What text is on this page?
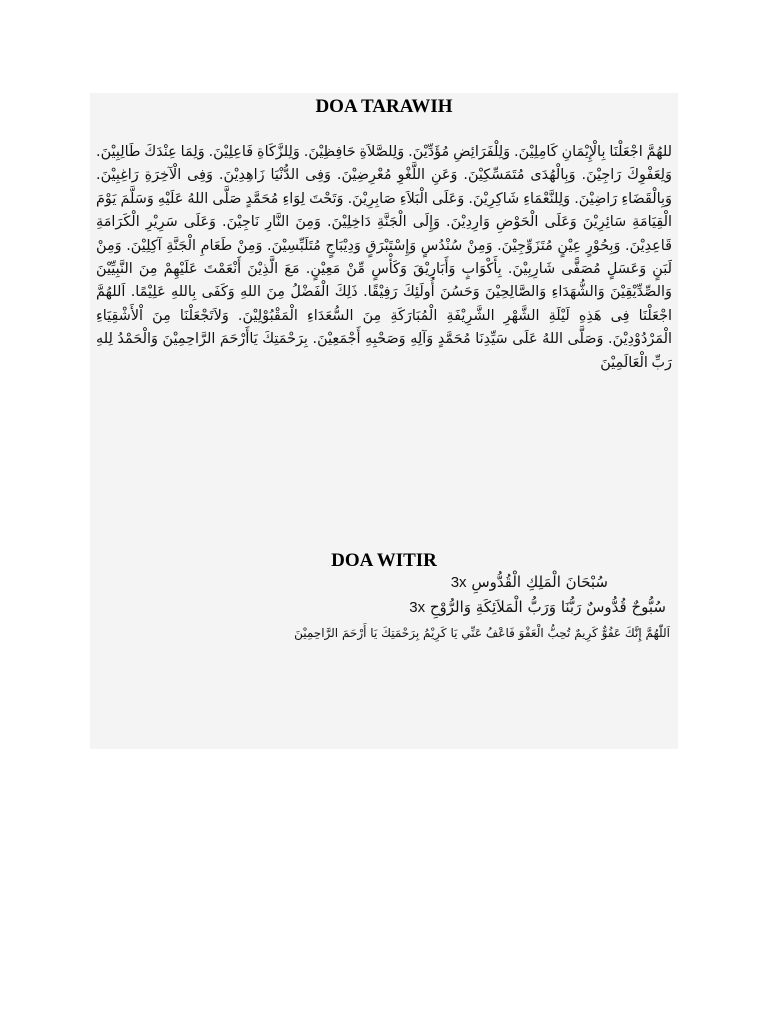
DOA TARAWIH
للهُمَّ اجْعَلْنَا بِالْإِيْمَانِ كَامِلِيْنَ. وَلِلْفَرَائِضِ مُؤَدِّيْنَ. وَلِلصَّلاَةِ حَافِظِيْنَ. وَلِلزَّكَاةِ فَاعِلِيْنَ. وَلِمَا عِنْدَكَ طَالِبِيْنَ. وَلِعَفْوِكَ رَاجِيْنَ. وَبِالْهُدَى مُتَمَسِّكِيْنَ. وَعَنِ اللَّغْوِ مُعْرِضِيْنَ. وَفِى الدُّنْيَا زَاهِدِيْنَ. وَفِى الْآخِرَةِ رَاغِبِيْنَ. وَبِالْقَضَاءِ رَاضِيْنَ. وَلِلنَّعْمَاءِ شَاكِرِيْنَ. وَعَلَى الْبَلاَءِ صَابِرِيْنَ. وَتَحْتَ لِوَاءِ مُحَمَّدٍ صَلَّى اللهُ عَلَيْهِ وَسَلَّمَ يَوْمَ الْقِيَامَةِ سَائِرِيْنَ وَعَلَى الْحَوْضِ وَارِدِيْنَ. وَإِلَى الْجَنَّةِ دَاخِلِيْنَ. وَمِنَ النَّارِ نَاجِيْنَ. وَعَلَى سَرِيْرِ الْكَرَامَةِ قَاعِدِيْنَ. وَبِحُوْرٍ عِيْنٍ مُتَزَوِّجِيْنَ. وَمِنْ سُنْدُسٍ وَإِسْتَبْرَقٍ وَدِيْبَاجٍ مُتَلَبِّسِيْنَ. وَمِنْ طَعَامِ الْجَنَّةِ آكِلِيْنَ. وَمِنْ لَبَنٍ وَعَسَلٍ مُصَفًّى شَارِبِيْنَ. بِأَكْوَابٍ وَأَبَارِيْقَ وَكَأْسٍ مِّنْ مَعِيْنٍ. مَعَ الَّذِيْنَ أَنْعَمْتَ عَلَيْهِمْ مِنَ النَّبِيِّيْنَ وَالصِّدِّيْقِيْنَ وَالشُّهَدَاءِ وَالصَّالِحِيْنَ وَحَسُنَ أُولَئِكَ رَفِيْقًا. ذَلِكَ الْفَضْلُ مِنَ اللهِ وَكَفَى بِاللهِ عَلِيْمًا. اَللهُمَّ اجْعَلْنَا فِى هَذِهِ لَيْلَةِ الشَّهْرِ الشَّرِيْفَةِ الْمُبَارَكَةِ مِنَ السُّعَدَاءِ الْمَقْبُوْلِيْنَ. وَلاَتَجْعَلْنَا مِنَ اْلأَشْقِيَاءِ الْمَرْدُوْدِيْنَ. وَصَلَّى اللهُ عَلَى سَيِّدِنَا مُحَمَّدٍ وَآلِهِ وَصَحْبِهِ أَجْمَعِيْنَ. بِرَحْمَتِكَ يَاأَرْحَمَ الرَّاحِمِيْنَ وَالْحَمْدُ لِلهِ رَبِّ الْعَالَمِيْنَ
DOA WITIR
سُبْحَانَ الْمَلِكِ الْقُدُّوسِ 3x
سُبُّوحٌ قُدُّوسٌ رَبُّنَا وَرَبُّ الْمَلاَئِكَةِ وَالرُّوْحِ 3x
اَللّٰهُمَّ إِنَّكَ عَفُوٌّ كَرِيمٌ تُحِبُّ الْعَفْوَ فَاعْفُ عَنِّي يَا كَرِيْمُ بِرَحْمَتِكَ يَا أَرْحَمَ الرَّاحِمِيْنَ
